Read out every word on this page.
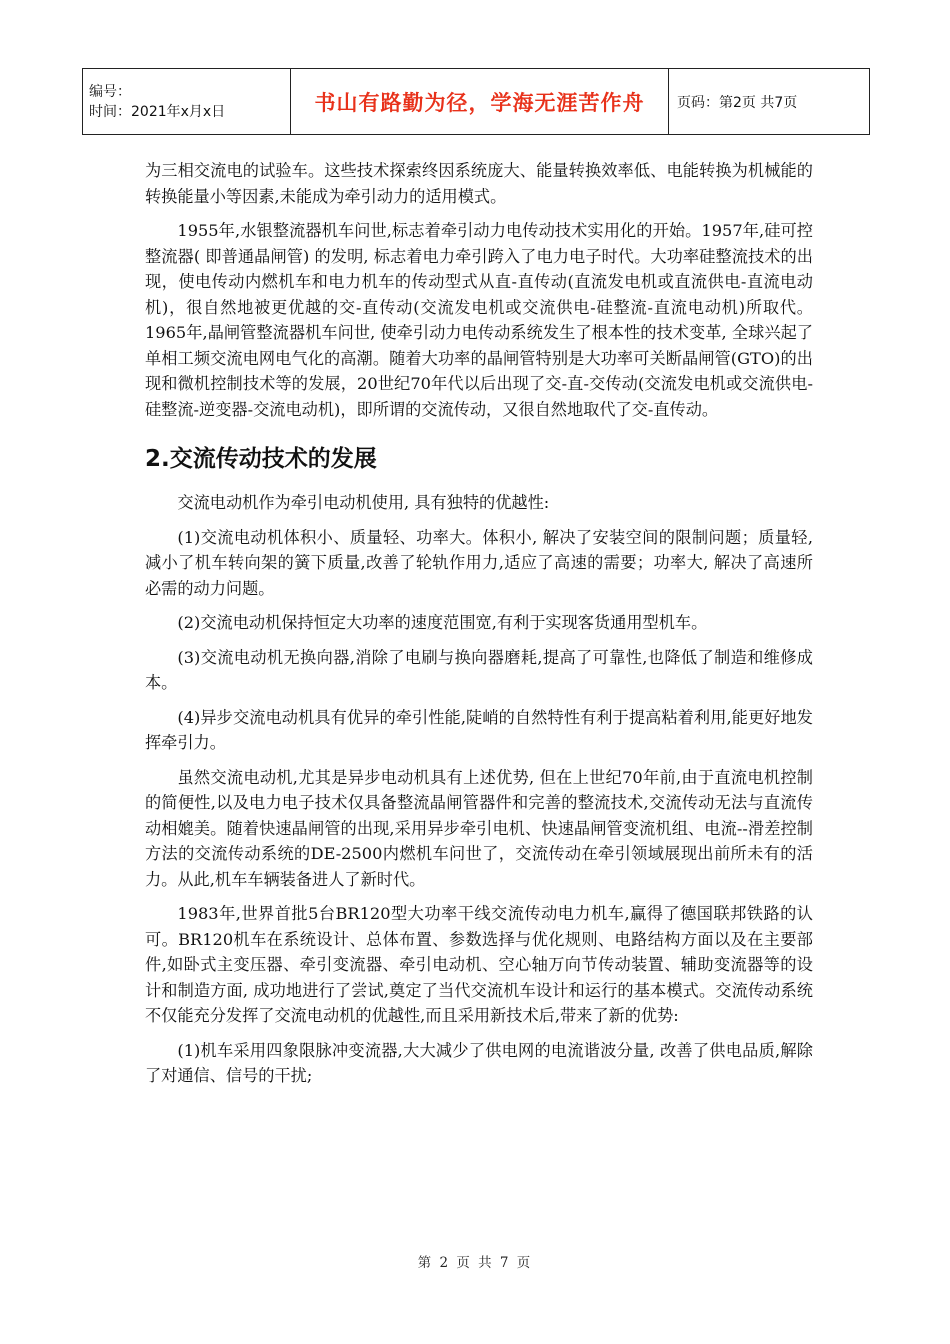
编号：
时间：2021年x月x日	书山有路勤为径，学海无涯苦作舟	页码：第2页 共7页

为三相交流电的试验车。这些技术探索终因系统庞大、能量转换效率低、电能转换为机械能的转换能量小等因素,未能成为牵引动力的适用模式。

1955年,水银整流器机车问世,标志着牵引动力电传动技术实用化的开始。1957年,硅可控整流器( 即普通晶闸管) 的发明, 标志着电力牵引跨入了电力电子时代。大功率硅整流技术的出现，使电传动内燃机车和电力机车的传动型式从直-直传动(直流发电机或直流供电-直流电动机)，很自然地被更优越的交-直传动(交流发电机或交流供电-硅整流-直流电动机)所取代。1965年,晶闸管整流器机车问世, 使牵引动力电传动系统发生了根本性的技术变革, 全球兴起了单相工频交流电网电气化的高潮。随着大功率的晶闸管特别是大功率可关断晶闸管(GTO)的出现和微机控制技术等的发展，20世纪70年代以后出现了交-直-交传动(交流发电机或交流供电-硅整流-逆变器-交流电动机)，即所谓的交流传动，又很自然地取代了交-直传动。

2.交流传动技术的发展

交流电动机作为牵引电动机使用, 具有独特的优越性:

(1)交流电动机体积小、质量轻、功率大。体积小, 解决了安装空间的限制问题；质量轻, 减小了机车转向架的簧下质量,改善了轮轨作用力,适应了高速的需要；功率大, 解决了高速所必需的动力问题。

(2)交流电动机保持恒定大功率的速度范围宽,有利于实现客货通用型机车。

(3)交流电动机无换向器,消除了电刷与换向器磨耗,提高了可靠性,也降低了制造和维修成本。

(4)异步交流电动机具有优异的牵引性能,陡峭的自然特性有利于提高粘着利用,能更好地发挥牵引力。

虽然交流电动机,尤其是异步电动机具有上述优势, 但在上世纪70年前,由于直流电机控制的简便性,以及电力电子技术仅具备整流晶闸管器件和完善的整流技术,交流传动无法与直流传动相媲美。随着快速晶闸管的出现,采用异步牵引电机、快速晶闸管变流机组、电流--滑差控制方法的交流传动系统的DE-2500内燃机车问世了，交流传动在牵引领域展现出前所未有的活力。从此,机车车辆装备进人了新时代。

1983年,世界首批5台BR120型大功率干线交流传动电力机车,赢得了德国联邦铁路的认可。BR120机车在系统设计、总体布置、参数选择与优化规则、电路结构方面以及在主要部件,如卧式主变压器、牵引变流器、牵引电动机、空心轴万向节传动装置、辅助变流器等的设计和制造方面, 成功地进行了尝试,奠定了当代交流机车设计和运行的基本模式。交流传动系统不仅能充分发挥了交流电动机的优越性,而且采用新技术后,带来了新的优势:

(1)机车采用四象限脉冲变流器,大大减少了供电网的电流谐波分量, 改善了供电品质,解除了对通信、信号的干扰;

第 2 页 共 7 页
